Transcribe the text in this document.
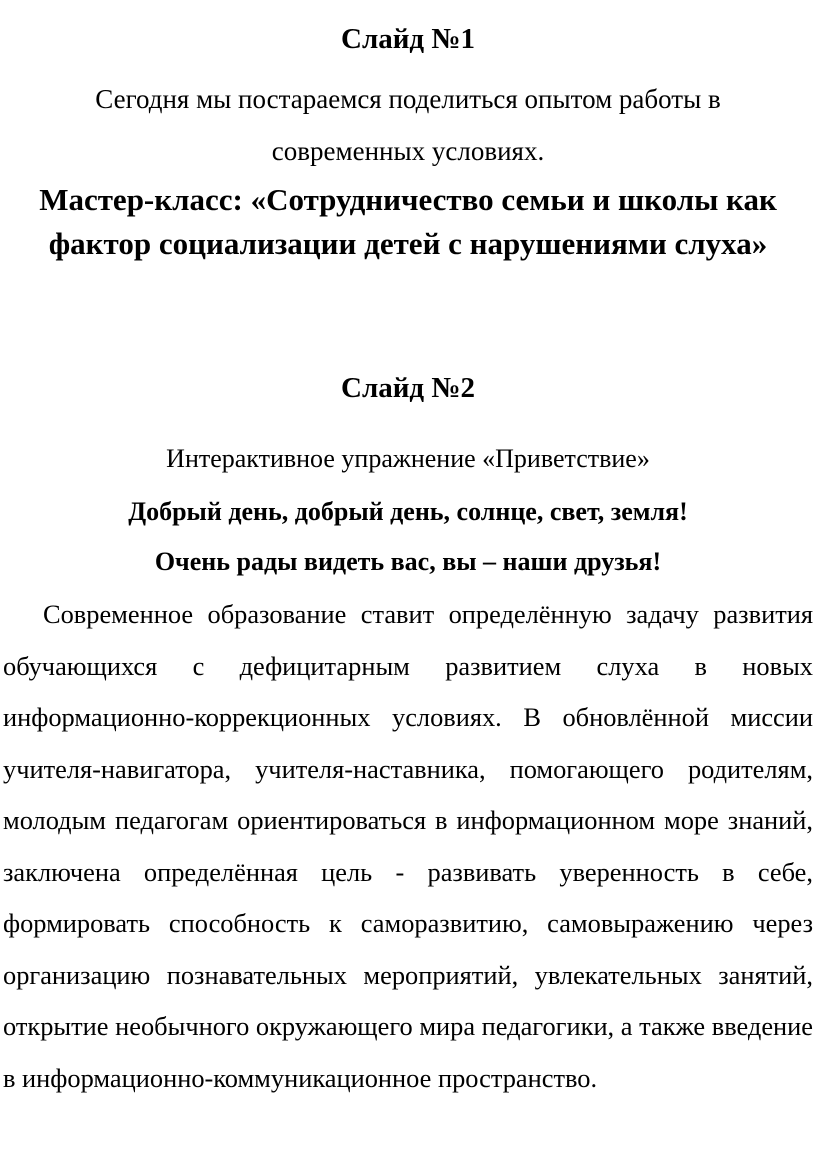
Слайд №1
Сегодня мы постараемся поделиться опытом работы в современных условиях.
Мастер-класс: «Сотрудничество семьи и школы как фактор социализации детей с нарушениями слуха»
Слайд №2
Интерактивное упражнение «Приветствие»
Добрый день, добрый день, солнце, свет, земля!
Очень рады видеть вас, вы – наши друзья!
Современное образование ставит определённую задачу развития обучающихся с дефицитарным развитием слуха в новых информационно-коррекционных условиях. В обновлённой миссии учителя-навигатора, учителя-наставника, помогающего родителям, молодым педагогам ориентироваться в информационном море знаний, заключена определённая цель - развивать уверенность в себе, формировать способность к саморазвитию, самовыражению через организацию познавательных мероприятий, увлекательных занятий, открытие необычного окружающего мира педагогики, а также введение в информационно-коммуникационное пространство.
